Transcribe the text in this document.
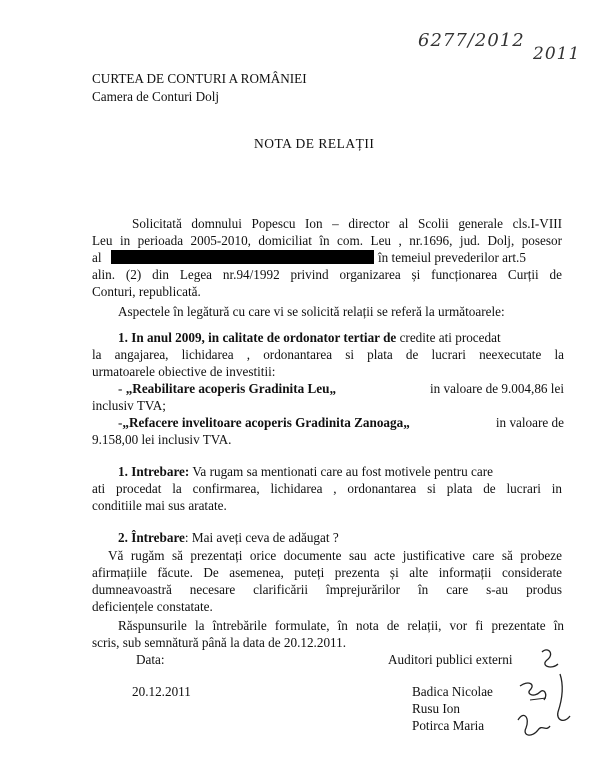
6277/2012
2011
CURTEA DE CONTURI A ROMÂNIEI
Camera de Conturi Dolj
NOTA DE RELAȚII
Solicitată domnului Popescu Ion – director al Scolii generale cls.I-VIII
Leu in perioada 2005-2010, domiciliat în com. Leu , nr.1696, jud. Dolj, posesor
al	în temeiul prevederilor art.5
alin. (2) din Legea nr.94/1992 privind organizarea și funcționarea Curții de
Conturi, republicată.
Aspectele în legătură cu care vi se solicită relații se referă la următoarele:
1. In anul 2009, in calitate de ordonator tertiar de credite ati procedat
la angajarea, lichidarea , ordonantarea si plata de lucrari neexecutate la
urmatoarele obiective de investitii:
- „Reabilitare acoperis Gradinita Leu„	in valoare de 9.004,86 lei
inclusiv TVA;
-„Refacere invelitoare acoperis Gradinita Zanoaga„	in valoare de
9.158,00 lei inclusiv TVA.
1. Intrebare: Va rugam sa mentionati care au fost motivele pentru care
ati procedat la confirmarea, lichidarea , ordonantarea si plata de lucrari in
conditiile mai sus aratate.
2. Întrebare: Mai aveți ceva de adăugat ?
Vă rugăm să prezentați orice documente sau acte justificative care să probeze
afirmațiile făcute. De asemenea, puteți prezenta și alte informații considerate
dumneavoastră necesare clarificării împrejurărilor în care s-au produs
deficiențele constatate.
Răspunsurile la întrebările formulate, în nota de relații, vor fi prezentate în
scris, sub semnătură până la data de 20.12.2011.
Data:	Auditori publici externi
20.12.2011	Badica Nicolae
Rusu Ion
Potirca Maria
